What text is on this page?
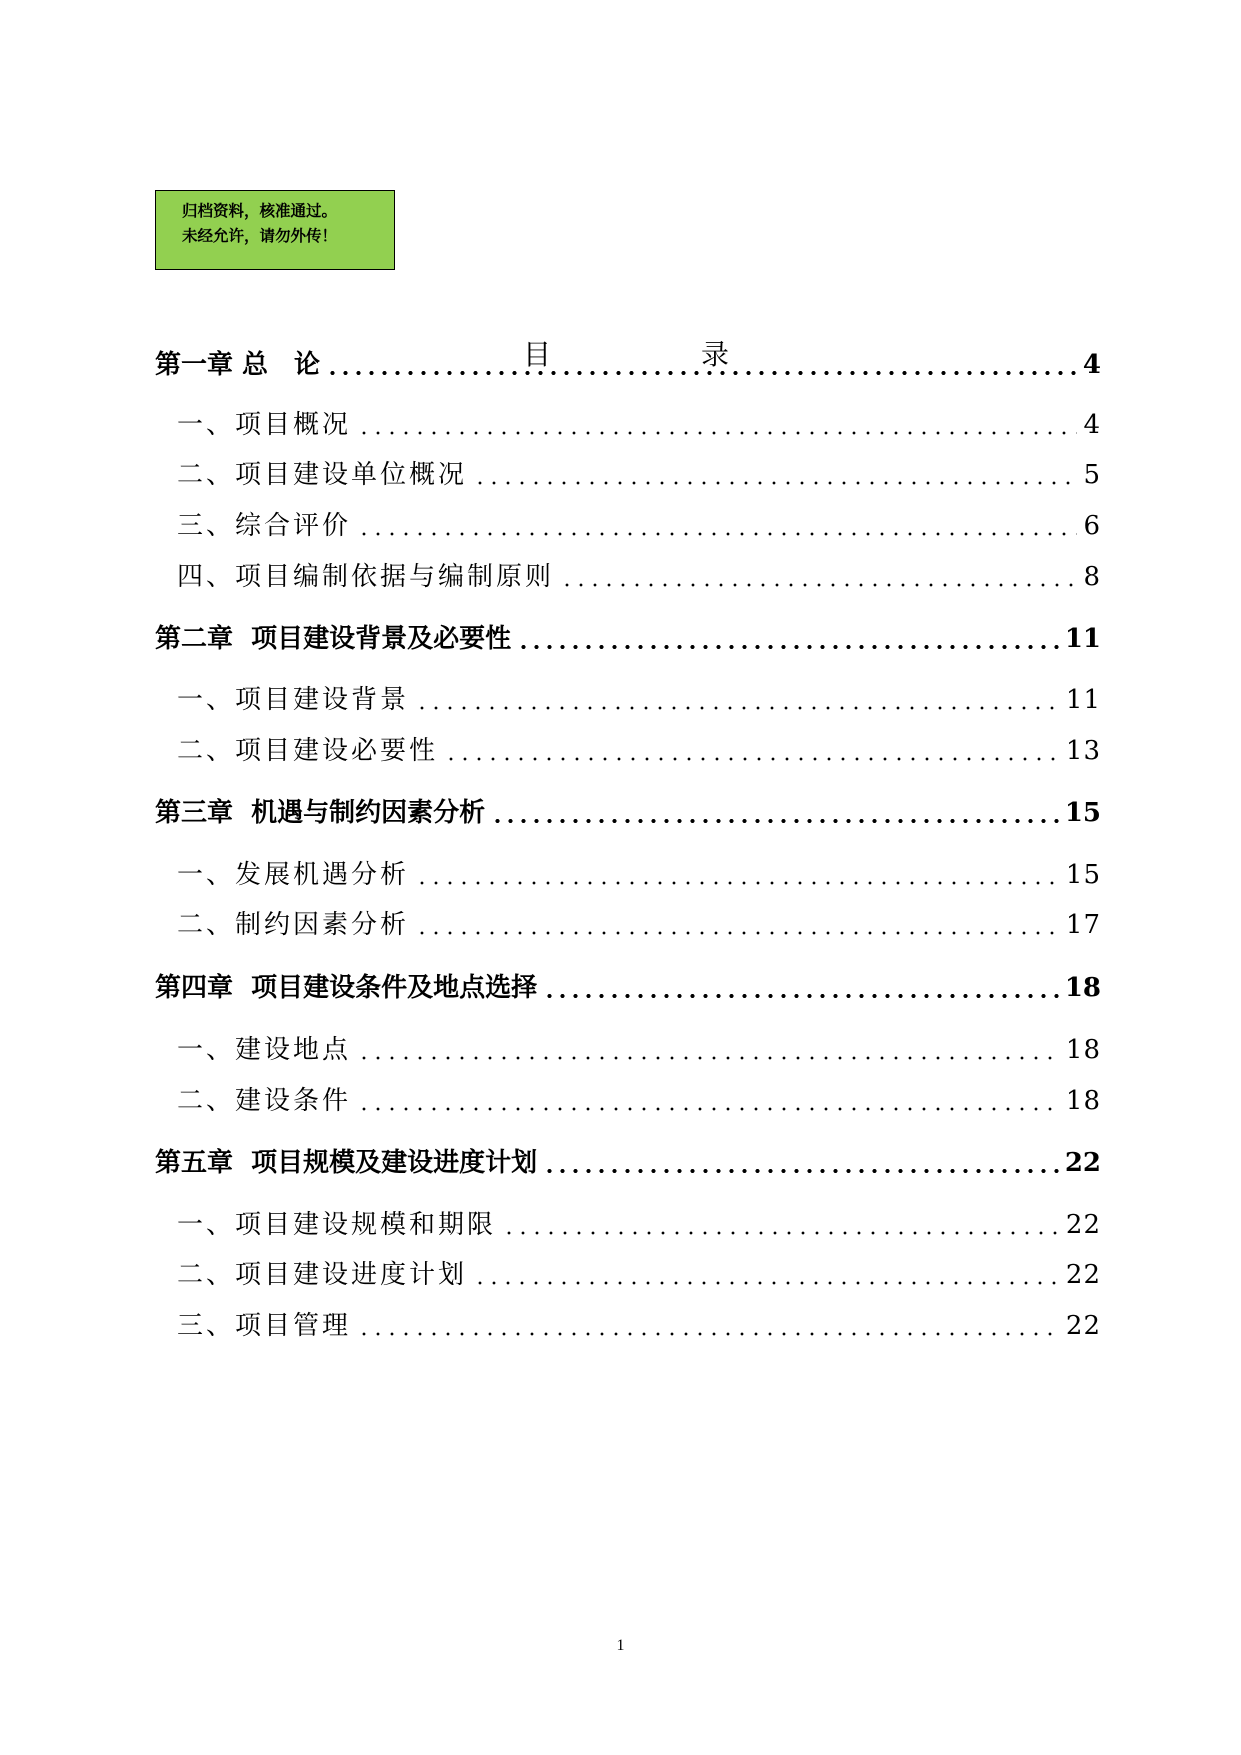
归档资料，核准通过。
未经允许，请勿外传！
目	录
第一章 总　论	4
一、项目概况	4
二、项目建设单位概况	5
三、综合评价	6
四、项目编制依据与编制原则	8
第二章  项目建设背景及必要性	11
一、项目建设背景	11
二、项目建设必要性	13
第三章  机遇与制约因素分析	15
一、发展机遇分析	15
二、制约因素分析	17
第四章  项目建设条件及地点选择	18
一、建设地点	18
二、建设条件	18
第五章  项目规模及建设进度计划	22
一、项目建设规模和期限	22
二、项目建设进度计划	22
三、项目管理	22
1
